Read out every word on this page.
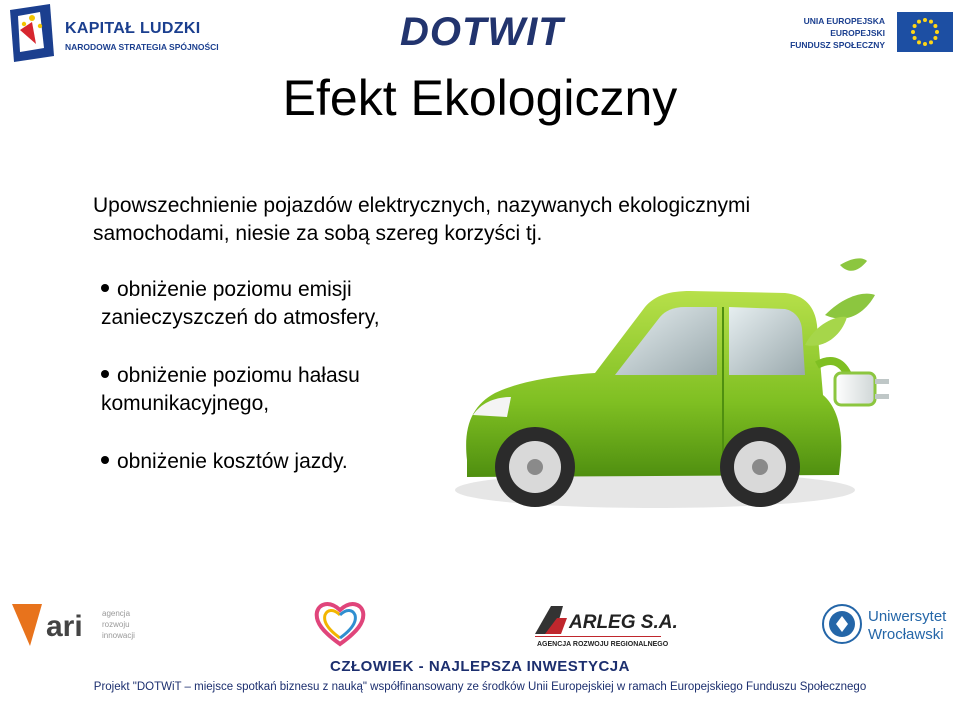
KAPITAŁ LUDZKI
NARODOWA STRATEGIA SPÓJNOŚCI	DOTWIT	UNIA EUROPEJSKA
EUROPEJSKI
FUNDUSZ SPOŁECZNY
Efekt Ekologiczny
Upowszechnienie pojazdów elektrycznych, nazywanych ekologicznymi
samochodami, niesie za sobą szereg korzyści tj.
obniżenie poziomu emisji
zanieczyszczeń do atmosfery,
obniżenie poziomu hałasu
komunikacyjnego,
obniżenie kosztów jazdy.
ari agencja
rozwoju
innowacji
ARLEG S.A.
AGENCJA ROZWOJU REGIONALNEGO
Uniwersytet
Wrocławski
CZŁOWIEK - NAJLEPSZA INWESTYCJA
Projekt "DOTWiT – miejsce spotkań biznesu z nauką" współfinansowany ze środków Unii Europejskiej w ramach Europejskiego Funduszu Społecznego
